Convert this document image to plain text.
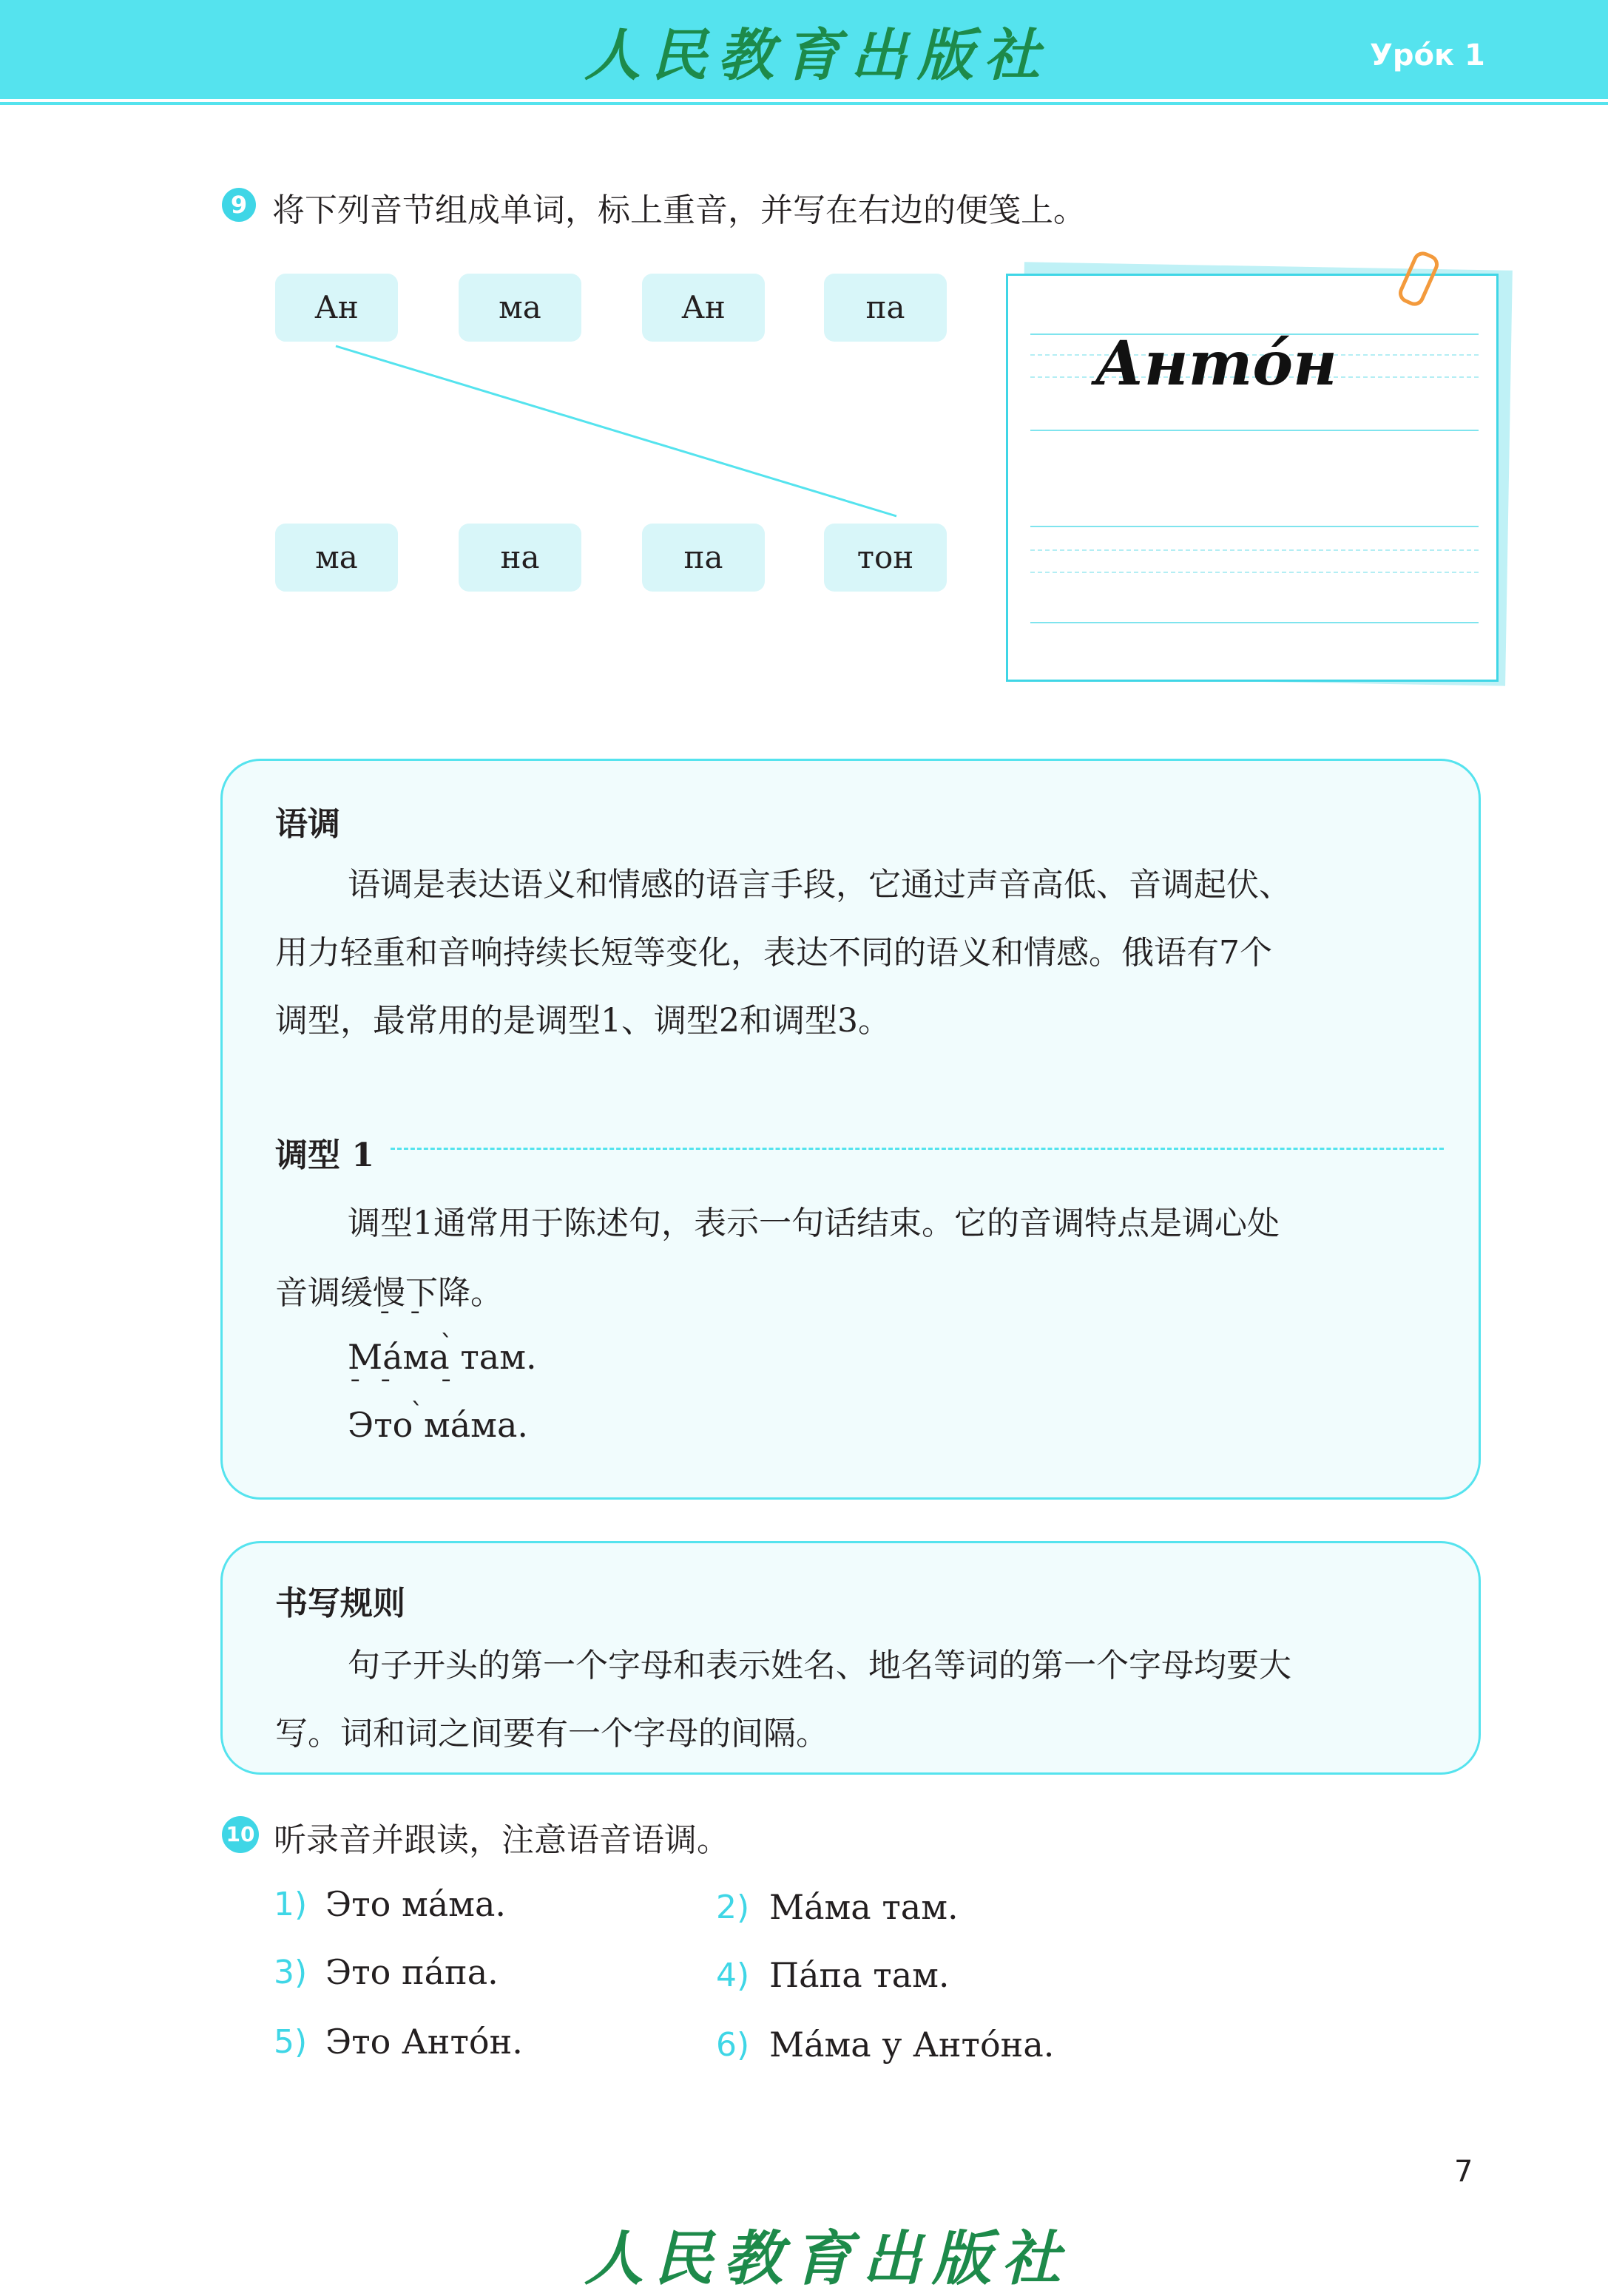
人民教育出版社	Урóк 1
9 将下列音节组成单词，标上重音，并写在右边的便笺上。
Ан	ма	Ан	па
ма	на	па	тон
Антóн
语调
语调是表达语义和情感的语言手段，它通过声音高低、音调起伏、
用力轻重和音响持续长短等变化，表达不同的语义和情感。俄语有7个
调型，最常用的是调型1、调型2和调型3。
调型 1
调型1通常用于陈述句，表示一句话结束。它的音调特点是调心处
音调缓慢下降。
¯ ¯ ˎ
Мáма там.
¯ ¯ ˎ ¯
Это мáма.
书写规则
句子开头的第一个字母和表示姓名、地名等词的第一个字母均要大
写。词和词之间要有一个字母的间隔。
10 听录音并跟读，注意语音语调。
1) Это мáма.	2) Мáма там.
3) Это пáпа.	4) Пáпа там.
5) Это Антóн.	6) Мáма у Антóна.
7
人民教育出版社
